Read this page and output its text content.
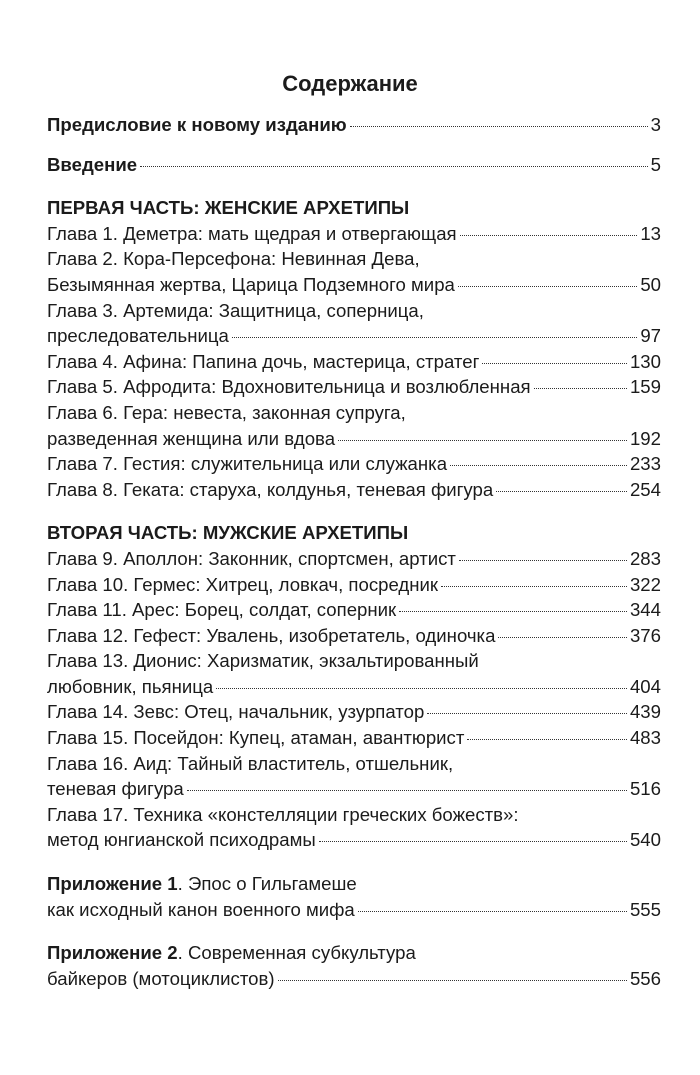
Содержание
Предисловие к новому изданию	3
Введение	5
ПЕРВАЯ ЧАСТЬ: ЖЕНСКИЕ АРХЕТИПЫ
Глава 1. Деметра: мать щедрая и отвергающая	13
Глава 2. Кора-Персефона: Невинная Дева,
Безымянная жертва, Царица Подземного мира	50
Глава 3. Артемида: Защитница, соперница,
преследовательница	97
Глава 4. Афина: Папина дочь, мастерица, стратег	130
Глава 5. Афродита: Вдохновительница и возлюбленная	159
Глава 6. Гера: невеста, законная супруга,
разведенная женщина или вдова	192
Глава 7. Гестия: служительница или служанка	233
Глава 8. Геката: старуха, колдунья, теневая фигура	254
ВТОРАЯ ЧАСТЬ: МУЖСКИЕ АРХЕТИПЫ
Глава 9. Аполлон: Законник, спортсмен, артист	283
Глава 10. Гермес: Хитрец, ловкач, посредник	322
Глава 11. Арес: Борец, солдат, соперник	344
Глава 12. Гефест: Увалень, изобретатель, одиночка	376
Глава 13. Дионис: Харизматик, экзальтированный
любовник, пьяница	404
Глава 14. Зевс: Отец, начальник, узурпатор	439
Глава 15. Посейдон: Купец, атаман, авантюрист	483
Глава 16. Аид: Тайный властитель, отшельник,
теневая фигура	516
Глава 17. Техника «констелляции греческих божеств»:
метод юнгианской психодрамы	540
Приложение 1. Эпос о Гильгамеше
как исходный канон военного мифа	555
Приложение 2. Современная субкультура
байкеров (мотоциклистов)	556
